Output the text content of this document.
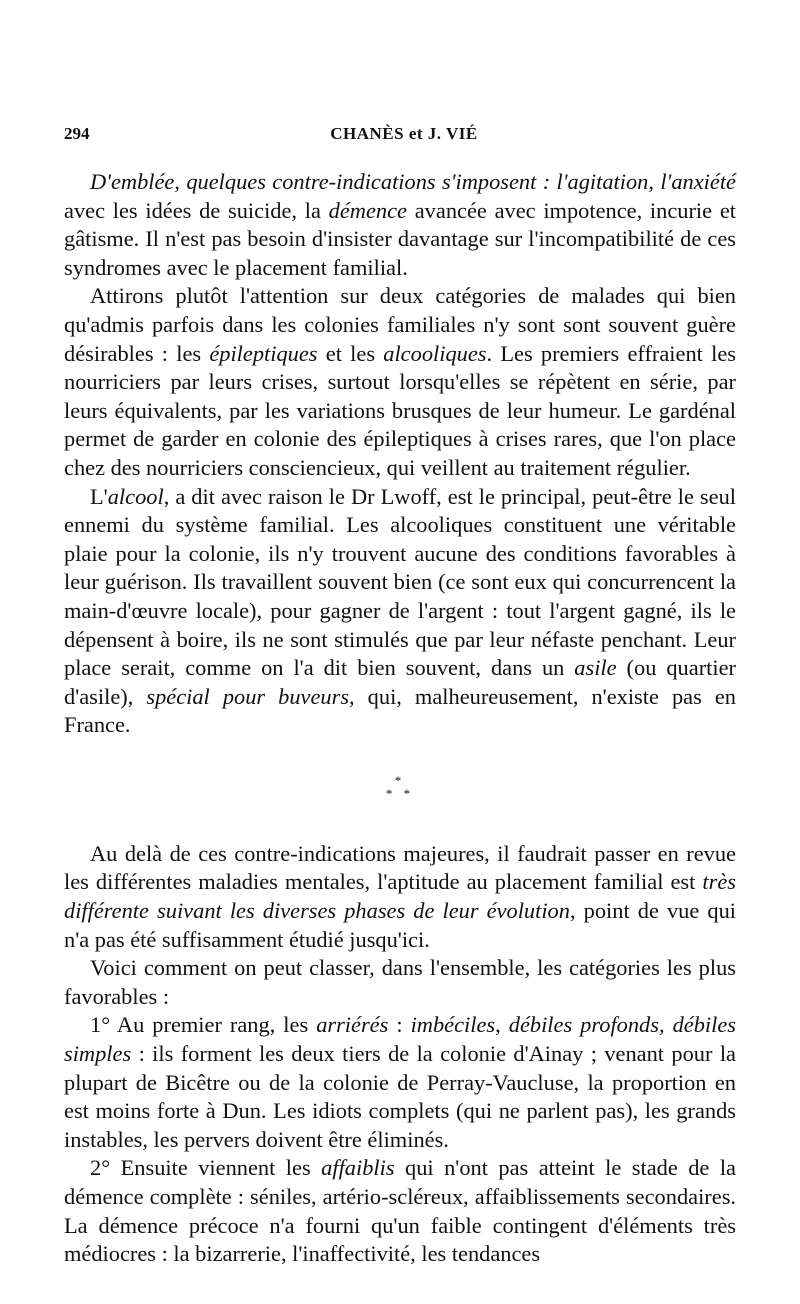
294	CHANÈS et J. VIÉ

D'emblée, quelques contre-indications s'imposent : l'agitation, l'anxiété avec les idées de suicide, la démence avancée avec impotence, incurie et gâtisme. Il n'est pas besoin d'insister davantage sur l'incompatibilité de ces syndromes avec le placement familial.

Attirons plutôt l'attention sur deux catégories de malades qui bien qu'admis parfois dans les colonies familiales n'y sont sont souvent guère désirables : les épileptiques et les alcooliques. Les premiers effraient les nourriciers par leurs crises, surtout lorsqu'elles se répètent en série, par leurs équivalents, par les variations brusques de leur humeur. Le gardénal permet de garder en colonie des épileptiques à crises rares, que l'on place chez des nourriciers consciencieux, qui veillent au traitement régulier.

L'alcool, a dit avec raison le Dr Lwoff, est le principal, peut-être le seul ennemi du système familial. Les alcooliques constituent une véritable plaie pour la colonie, ils n'y trouvent aucune des conditions favorables à leur guérison. Ils travaillent souvent bien (ce sont eux qui concurrencent la main-d'œuvre locale), pour gagner de l'argent : tout l'argent gagné, ils le dépensent à boire, ils ne sont stimulés que par leur néfaste penchant. Leur place serait, comme on l'a dit bien souvent, dans un asile (ou quartier d'asile), spécial pour buveurs, qui, malheureusement, n'existe pas en France.

*
* *

Au delà de ces contre-indications majeures, il faudrait passer en revue les différentes maladies mentales, l'aptitude au placement familial est très différente suivant les diverses phases de leur évolution, point de vue qui n'a pas été suffisamment étudié jusqu'ici.

Voici comment on peut classer, dans l'ensemble, les catégories les plus favorables :

1° Au premier rang, les arriérés : imbéciles, débiles profonds, débiles simples : ils forment les deux tiers de la colonie d'Ainay ; venant pour la plupart de Bicêtre ou de la colonie de Perray-Vaucluse, la proportion en est moins forte à Dun. Les idiots complets (qui ne parlent pas), les grands instables, les pervers doivent être éliminés.

2° Ensuite viennent les affaiblis qui n'ont pas atteint le stade de la démence complète : séniles, artério-scléreux, affaiblissements secondaires. La démence précoce n'a fourni qu'un faible contingent d'éléments très médiocres : la bizarrerie, l'inaffectivité, les tendances
